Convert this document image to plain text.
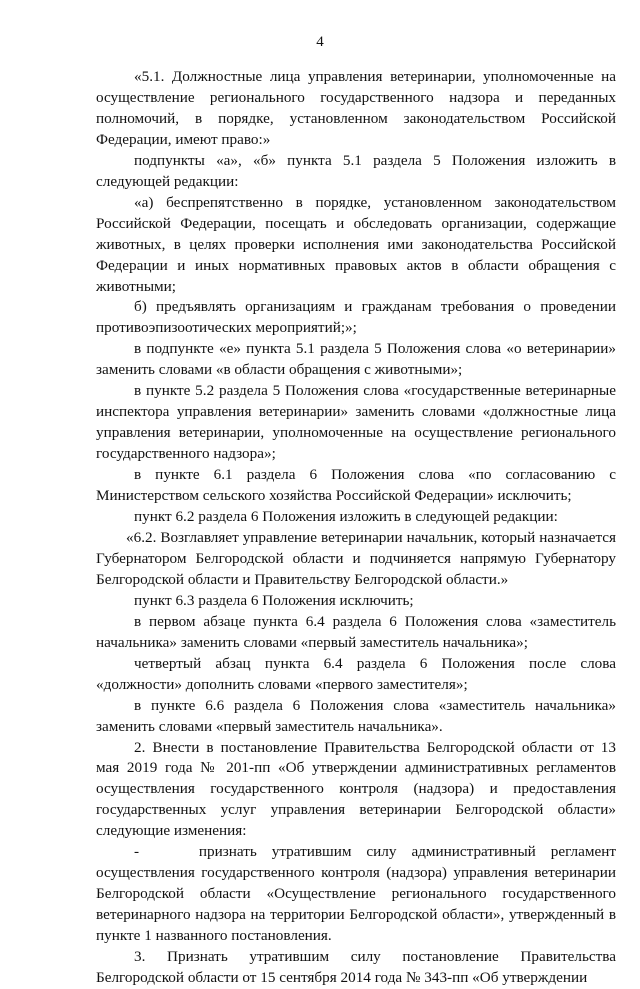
4

«5.1. Должностные лица управления ветеринарии, уполномоченные на осуществление регионального государственного надзора и переданных полномочий, в порядке, установленном законодательством Российской Федерации, имеют право:»

подпункты «а», «б» пункта 5.1 раздела 5 Положения изложить в следующей редакции:

«а) беспрепятственно в порядке, установленном законодательством Российской Федерации, посещать и обследовать организации, содержащие животных, в целях проверки исполнения ими законодательства Российской Федерации и иных нормативных правовых актов в области обращения с животными;

б) предъявлять организациям и гражданам требования о проведении противоэпизоотических мероприятий;»;

в подпункте «е» пункта 5.1 раздела 5 Положения слова «о ветеринарии» заменить словами «в области обращения с животными»;

в пункте 5.2 раздела 5 Положения слова «государственные ветеринарные инспектора управления ветеринарии» заменить словами «должностные лица управления ветеринарии, уполномоченные на осуществление регионального государственного надзора»;

в пункте 6.1 раздела 6 Положения слова «по согласованию с Министерством сельского хозяйства Российской Федерации» исключить;

пункт 6.2 раздела 6 Положения изложить в следующей редакции:

«6.2. Возглавляет управление ветеринарии начальник, который назначается Губернатором Белгородской области и подчиняется напрямую Губернатору Белгородской области и Правительству Белгородской области.»

пункт 6.3 раздела 6 Положения исключить;

в первом абзаце пункта 6.4 раздела 6 Положения слова «заместитель начальника» заменить словами «первый заместитель начальника»;

четвертый абзац пункта 6.4 раздела 6 Положения после слова «должности» дополнить словами «первого заместителя»;

в пункте 6.6 раздела 6 Положения слова «заместитель начальника» заменить словами «первый заместитель начальника».

2. Внести в постановление Правительства Белгородской области от 13 мая 2019 года № 201-пп «Об утверждении административных регламентов осуществления государственного контроля (надзора) и предоставления государственных услуг управления ветеринарии Белгородской области» следующие изменения:

-    признать утратившим силу административный регламент осуществления государственного контроля (надзора) управления ветеринарии Белгородской области «Осуществление регионального государственного ветеринарного надзора на территории Белгородской области», утвержденный в пункте 1 названного постановления.

3. Признать утратившим силу постановление Правительства Белгородской области от 15 сентября 2014 года № 343-пп «Об утверждении
